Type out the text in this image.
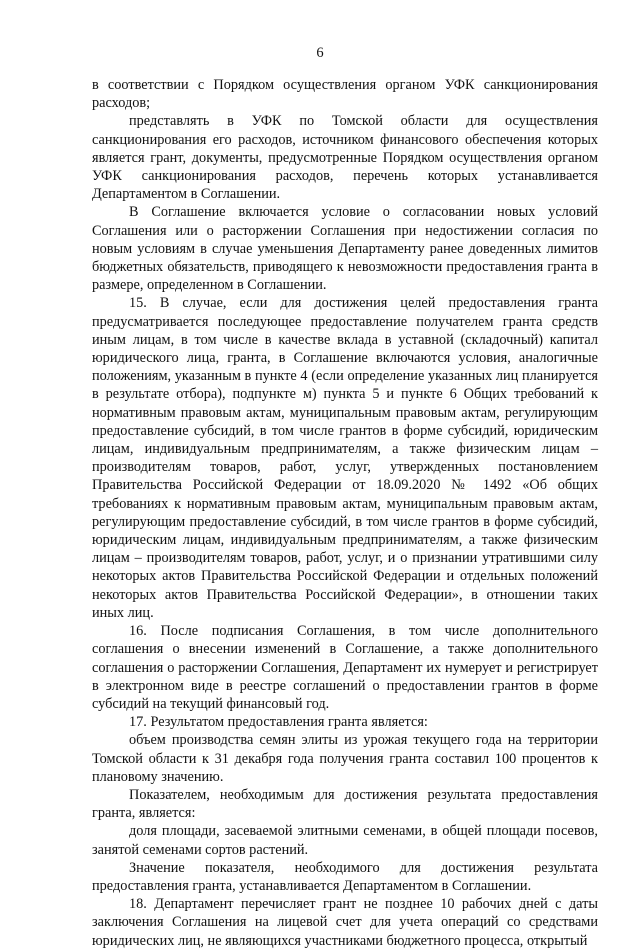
6

в соответствии с Порядком осуществления органом УФК санкционирования расходов;

представлять в УФК по Томской области для осуществления санкционирования его расходов, источником финансового обеспечения которых является грант, документы, предусмотренные Порядком осуществления органом УФК санкционирования расходов, перечень которых устанавливается Департаментом в Соглашении.

В Соглашение включается условие о согласовании новых условий Соглашения или о расторжении Соглашения при недостижении согласия по новым условиям в случае уменьшения Департаменту ранее доведенных лимитов бюджетных обязательств, приводящего к невозможности предоставления гранта в размере, определенном в Соглашении.

15. В случае, если для достижения целей предоставления гранта предусматривается последующее предоставление получателем гранта средств иным лицам, в том числе в качестве вклада в уставной (складочный) капитал юридического лица, гранта, в Соглашение включаются условия, аналогичные положениям, указанным в пункте 4 (если определение указанных лиц планируется в результате отбора), подпункте м) пункта 5 и пункте 6 Общих требований к нормативным правовым актам, муниципальным правовым актам, регулирующим предоставление субсидий, в том числе грантов в форме субсидий, юридическим лицам, индивидуальным предпринимателям, а также физическим лицам – производителям товаров, работ, услуг, утвержденных постановлением Правительства Российской Федерации от 18.09.2020 № 1492 «Об общих требованиях к нормативным правовым актам, муниципальным правовым актам, регулирующим предоставление субсидий, в том числе грантов в форме субсидий, юридическим лицам, индивидуальным предпринимателям, а также физическим лицам – производителям товаров, работ, услуг, и о признании утратившими силу некоторых актов Правительства Российской Федерации и отдельных положений некоторых актов Правительства Российской Федерации», в отношении таких иных лиц.

16. После подписания Соглашения, в том числе дополнительного соглашения о внесении изменений в Соглашение, а также дополнительного соглашения о расторжении Соглашения, Департамент их нумерует и регистрирует в электронном виде в реестре соглашений о предоставлении грантов в форме субсидий на текущий финансовый год.

17. Результатом предоставления гранта является:

объем производства семян элиты из урожая текущего года на территории Томской области к 31 декабря года получения гранта составил 100 процентов к плановому значению.

Показателем, необходимым для достижения результата предоставления гранта, является:

доля площади, засеваемой элитными семенами, в общей площади посевов, занятой семенами сортов растений.

Значение показателя, необходимого для достижения результата предоставления гранта, устанавливается Департаментом в Соглашении.

18. Департамент перечисляет грант не позднее 10 рабочих дней с даты заключения Соглашения на лицевой счет для учета операций со средствами юридических лиц, не являющихся участниками бюджетного процесса, открытый
